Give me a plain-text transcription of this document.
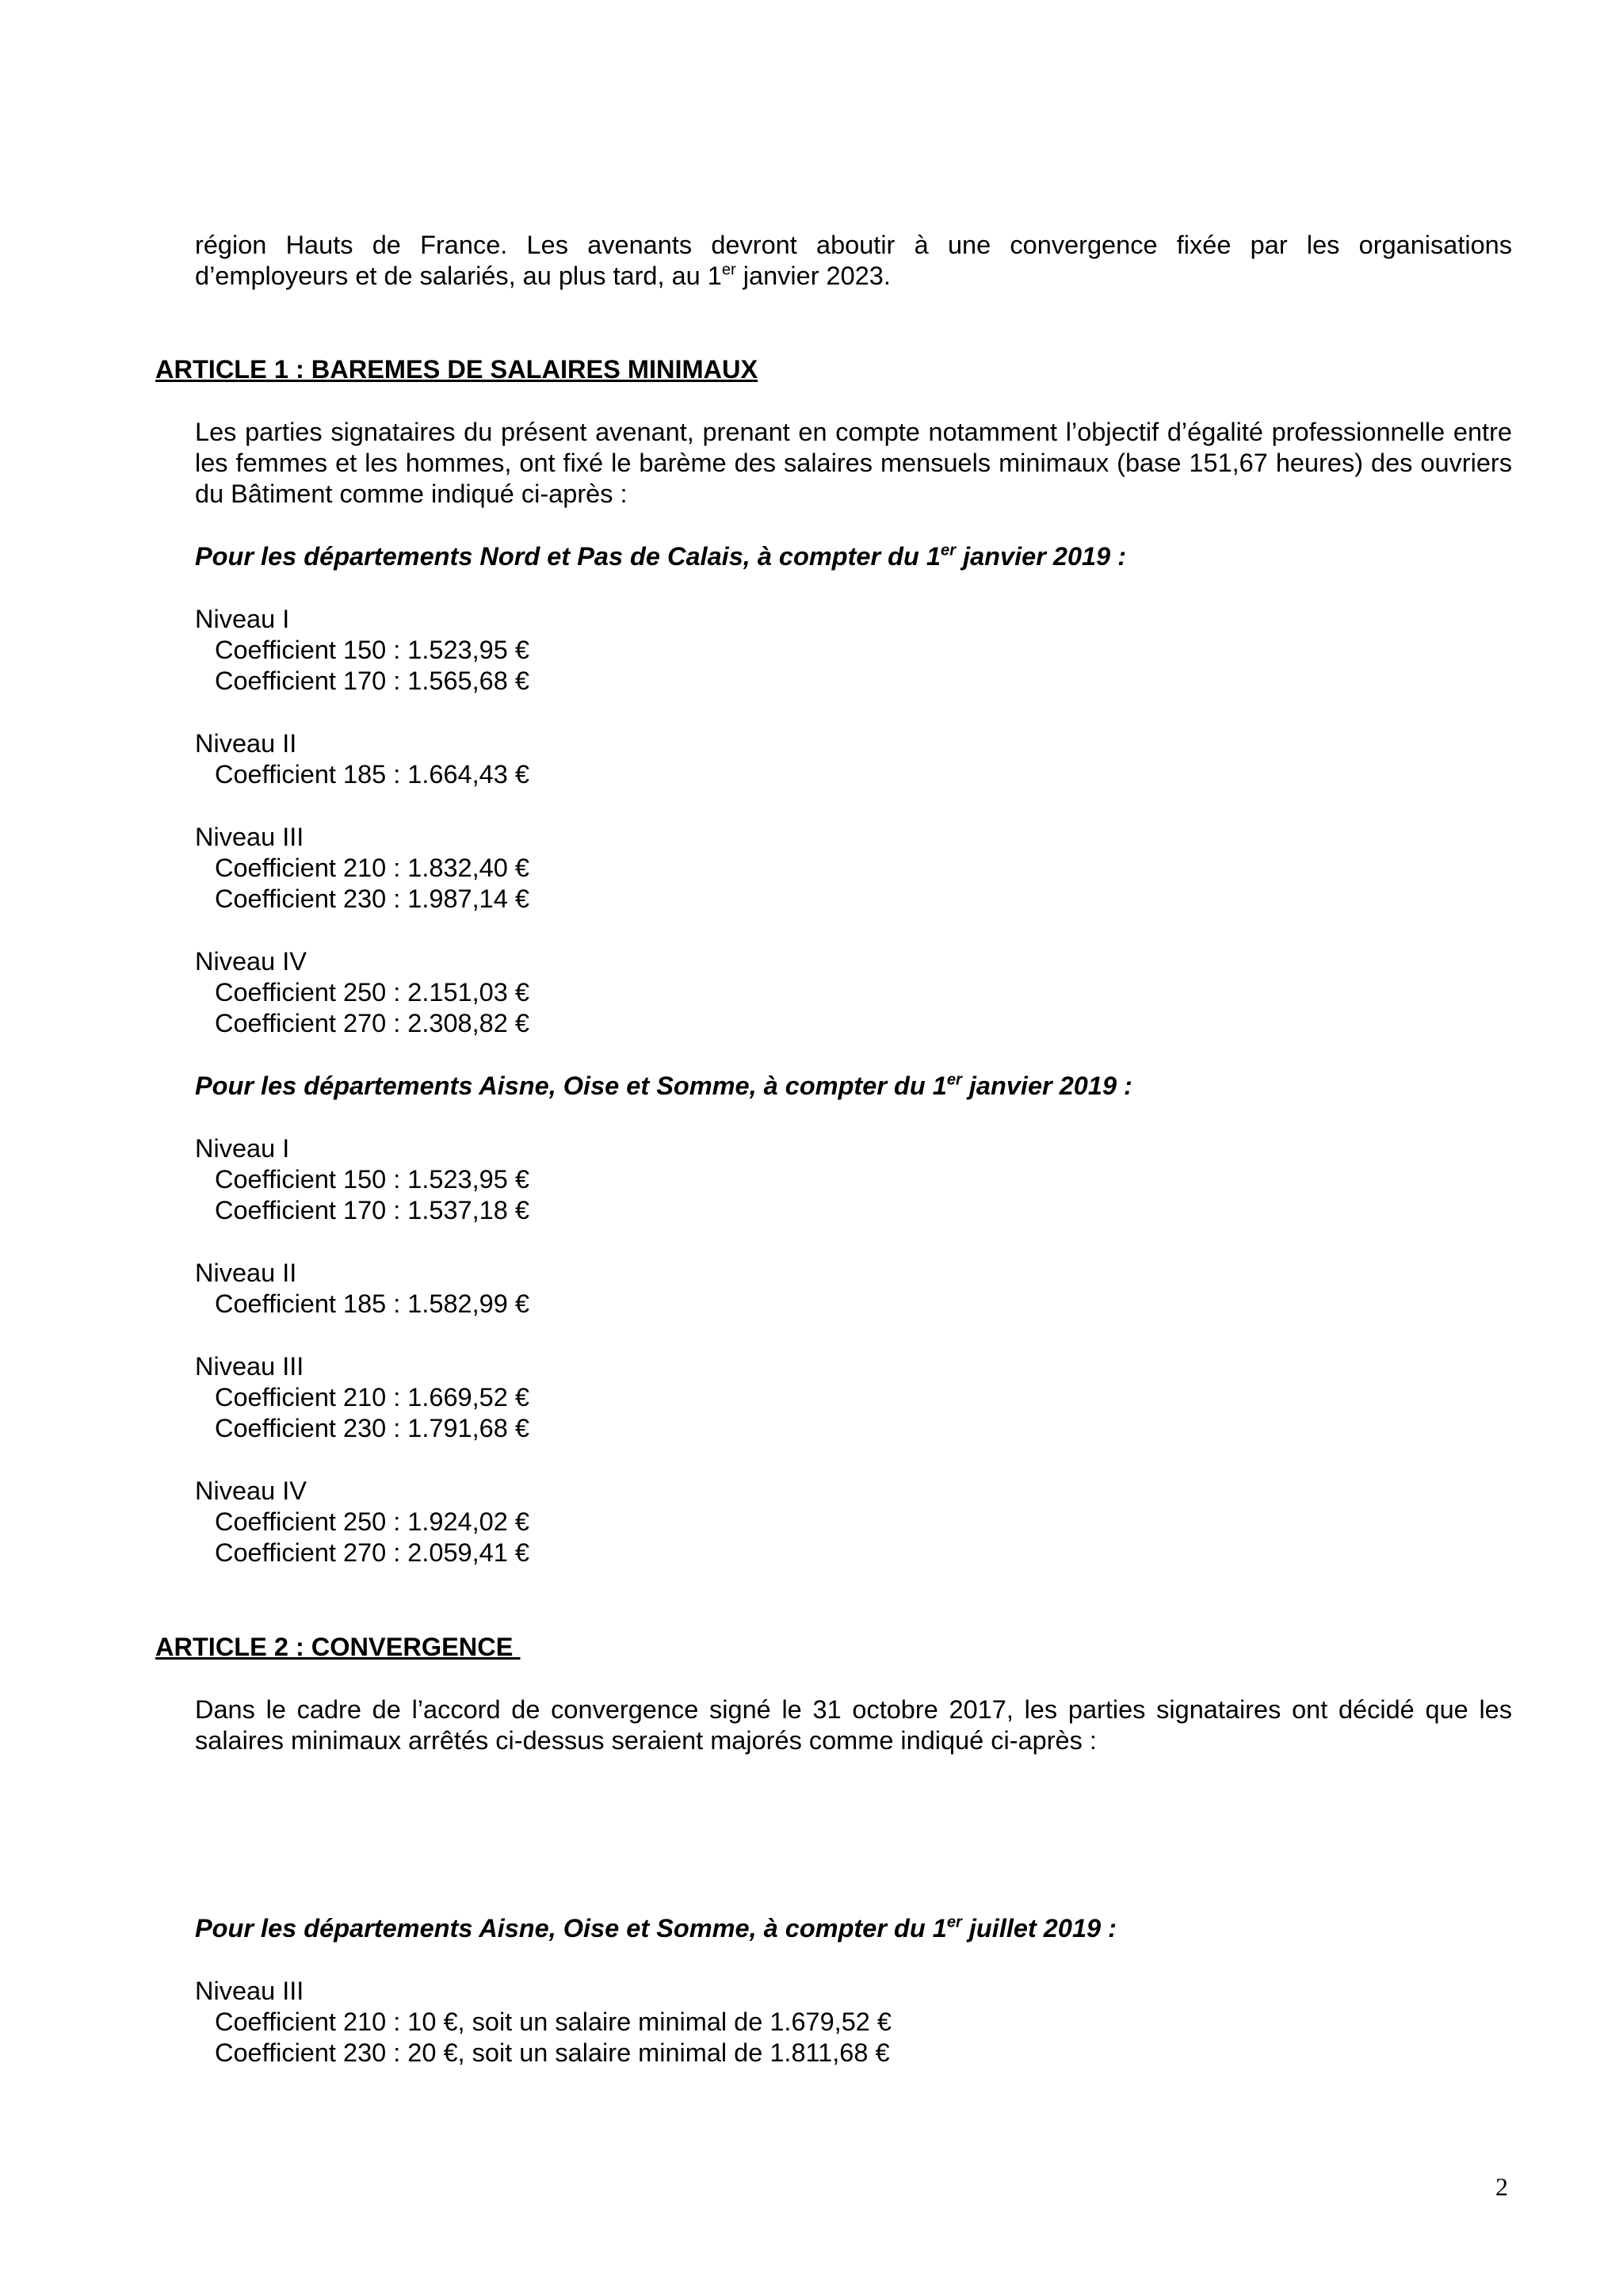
région Hauts de France. Les avenants devront aboutir à une convergence fixée par les organisations
d’employeurs et de salariés, au plus tard, au 1er janvier 2023.
ARTICLE 1 : BAREMES DE SALAIRES MINIMAUX
Les parties signataires du présent avenant, prenant en compte notamment l’objectif d’égalité professionnelle entre les femmes et les hommes, ont fixé le barème des salaires mensuels minimaux (base 151,67 heures) des ouvriers du Bâtiment comme indiqué ci-après :
Pour les départements Nord et Pas de Calais, à compter du 1er janvier 2019 :
Niveau I
Coefficient 150 : 1.523,95 €
Coefficient 170 : 1.565,68 €
Niveau II
Coefficient 185 : 1.664,43 €
Niveau III
Coefficient 210 : 1.832,40 €
Coefficient 230 : 1.987,14 €
Niveau IV
Coefficient 250 : 2.151,03 €
Coefficient 270 : 2.308,82 €
Pour les départements Aisne, Oise et Somme, à compter du 1er janvier 2019 :
Niveau I
Coefficient 150 : 1.523,95 €
Coefficient 170 : 1.537,18 €
Niveau II
Coefficient 185 : 1.582,99 €
Niveau III
Coefficient 210 : 1.669,52 €
Coefficient 230 : 1.791,68 €
Niveau IV
Coefficient 250 : 1.924,02 €
Coefficient 270 : 2.059,41 €
ARTICLE 2 : CONVERGENCE
Dans le cadre de l’accord de convergence signé le 31 octobre 2017, les parties signataires ont décidé que les salaires minimaux arrêtés ci-dessus seraient majorés comme indiqué ci-après :
Pour les départements Aisne, Oise et Somme, à compter du 1er juillet 2019 :
Niveau III
Coefficient 210 : 10 €, soit un salaire minimal de 1.679,52 €
Coefficient 230 : 20 €, soit un salaire minimal de 1.811,68 €
2
